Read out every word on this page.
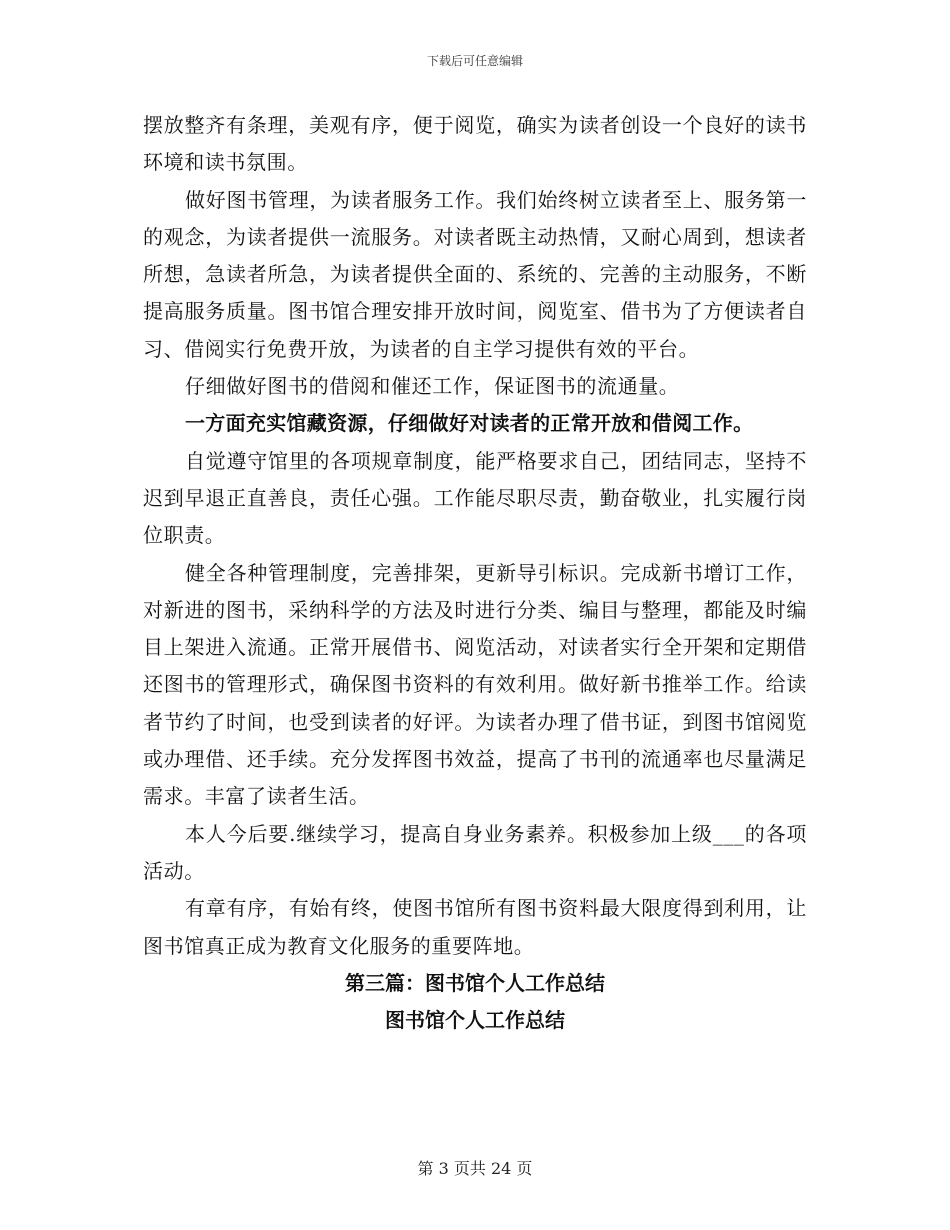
下载后可任意编辑

摆放整齐有条理，美观有序，便于阅览，确实为读者创设一个良好的读书环境和读书氛围。

做好图书管理，为读者服务工作。我们始终树立读者至上、服务第一的观念，为读者提供一流服务。对读者既主动热情，又耐心周到，想读者所想，急读者所急，为读者提供全面的、系统的、完善的主动服务，不断提高服务质量。图书馆合理安排开放时间，阅览室、借书为了方便读者自习、借阅实行免费开放，为读者的自主学习提供有效的平台。

仔细做好图书的借阅和催还工作，保证图书的流通量。

一方面充实馆藏资源，仔细做好对读者的正常开放和借阅工作。

自觉遵守馆里的各项规章制度，能严格要求自己，团结同志，坚持不迟到早退正直善良，责任心强。工作能尽职尽责，勤奋敬业，扎实履行岗位职责。

健全各种管理制度，完善排架，更新导引标识。完成新书增订工作，对新进的图书，采纳科学的方法及时进行分类、编目与整理，都能及时编目上架进入流通。正常开展借书、阅览活动，对读者实行全开架和定期借还图书的管理形式，确保图书资料的有效利用。做好新书推举工作。给读者节约了时间，也受到读者的好评。为读者办理了借书证，到图书馆阅览或办理借、还手续。充分发挥图书效益，提高了书刊的流通率也尽量满足需求。丰富了读者生活。

本人今后要.继续学习，提高自身业务素养。积极参加上级___的各项活动。

有章有序，有始有终，使图书馆所有图书资料最大限度得到利用，让图书馆真正成为教育文化服务的重要阵地。

第三篇：图书馆个人工作总结

图书馆个人工作总结

第 3 页共 24 页
